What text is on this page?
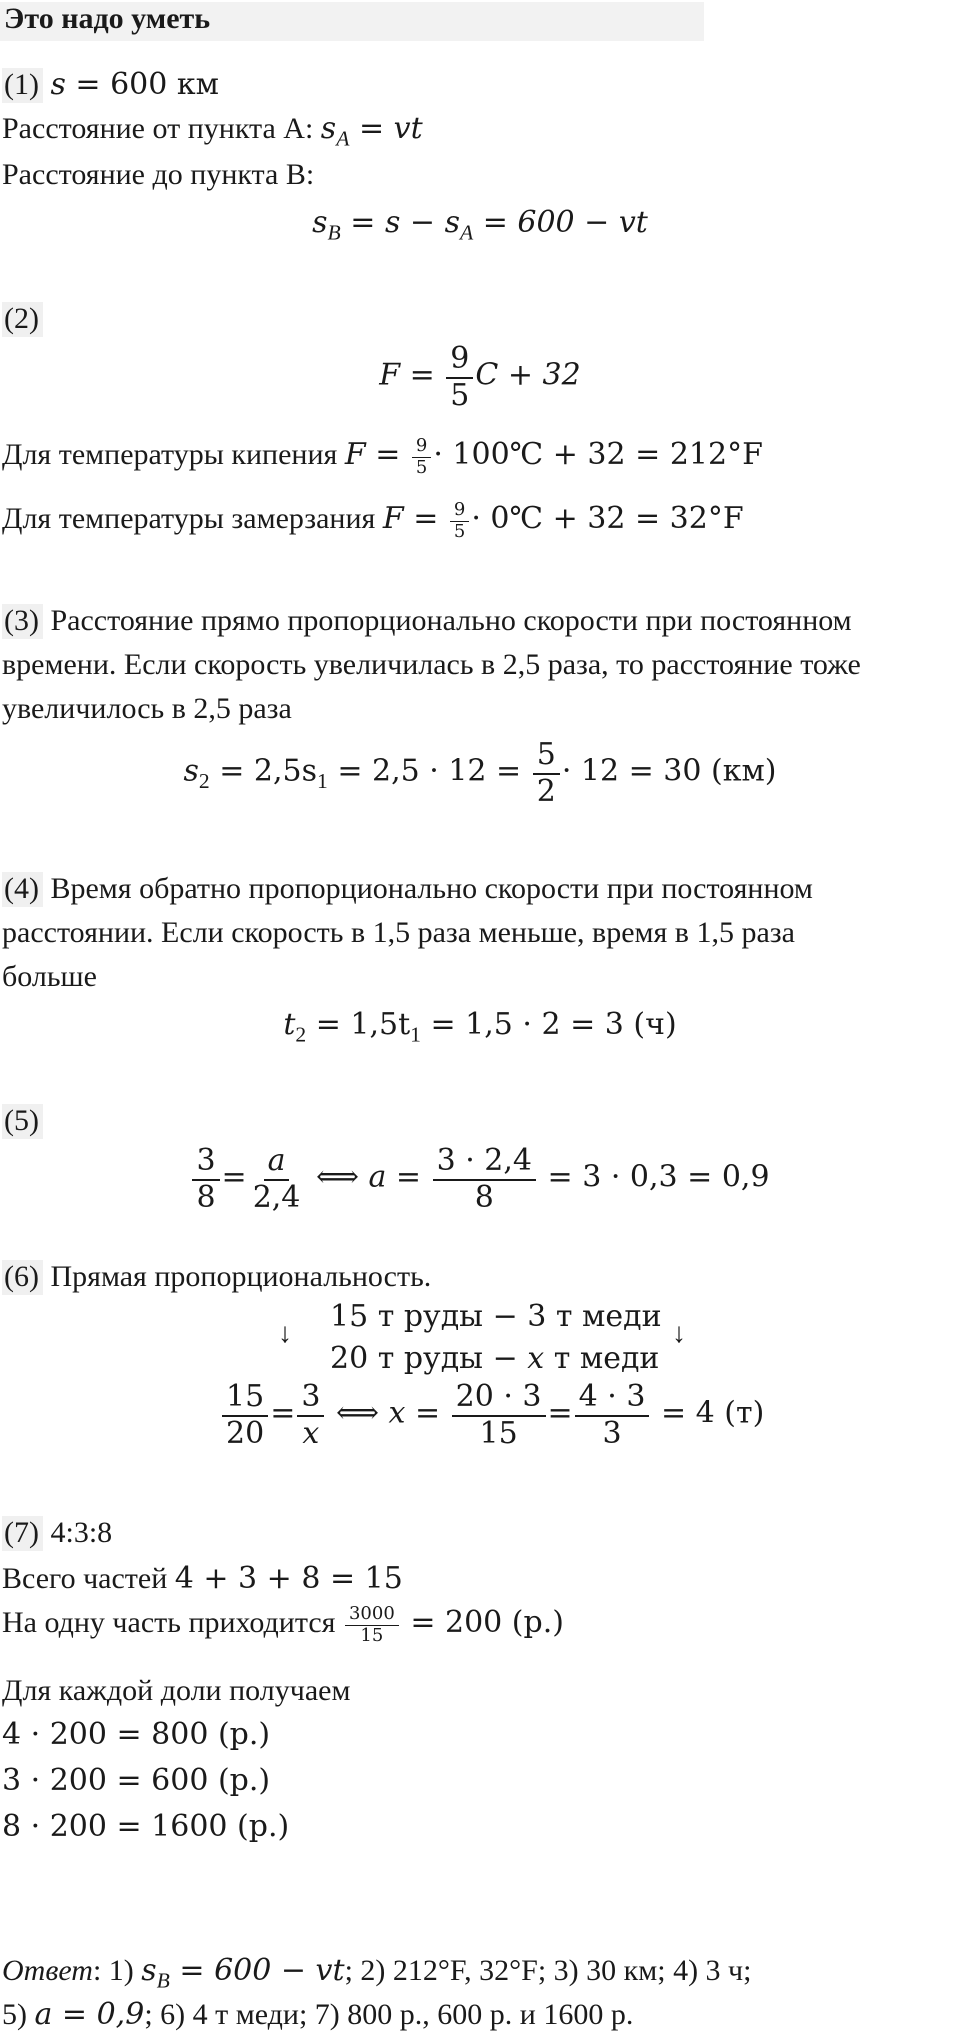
Это надо уметь
(1) s = 600 км
Расстояние от пункта А: $s_A$ = vt
Расстояние до пункта В:
$s_B = s - s_A = 600$ − vt
(2)
$F = \frac{9}{5}$ C + 32
Для температуры кипения $F = \frac{9}{5}$ · 100℃ + 32 = 212°F
Для температуры замерзания $F = \frac{9}{5}$ · 0℃ + 32 = 32°F
(3) Расстояние прямо пропорционально скорости при постоянном
времени. Если скорость увеличилась в 2,5 раза, то расстояние тоже
увеличилось в 2,5 раза
$s_2 = 2,5s_1 = 2,5 \cdot 12 = \frac{5}{2} \cdot 12 = 30$ (км)
(4) Время обратно пропорционально скорости при постоянном
расстоянии. Если скорость в 1,5 раза меньше, время в 1,5 раза
больше
$t_2 = 1,5t_1 = 1,5 \cdot 2 = 3$ (ч)
(5)
$\frac{3}{8} = \frac{a}{2,4}$ ⟺ $a = \frac{3 \cdot 2,4}{8} = 3 \cdot 0,3 = 0,9$
(6) Прямая пропорциональность.
↓	↓
15 т руды − 3 т меди
20 т руды − x т меди
$\frac{15}{20} = \frac{3}{x}$ ⟺ $x = \frac{20 \cdot 3}{15} = \frac{4 \cdot 3}{3} = 4$ (т)
(7) 4:3:8
Всего частей 4 + 3 + 8 = 15
На одну часть приходится $\frac{3000}{15} = 200$ (р.)
Для каждой доли получаем
4 · 200 = 800 (р.)
3 · 200 = 600 (р.)
8 · 200 = 1600 (р.)
Ответ: 1) $s_B = 600$ − vt; 2) 212°F, 32°F; 3) 30 км; 4) 3 ч;
5) a = 0,9; 6) 4 т меди; 7) 800 р., 600 р. и 1600 р.
